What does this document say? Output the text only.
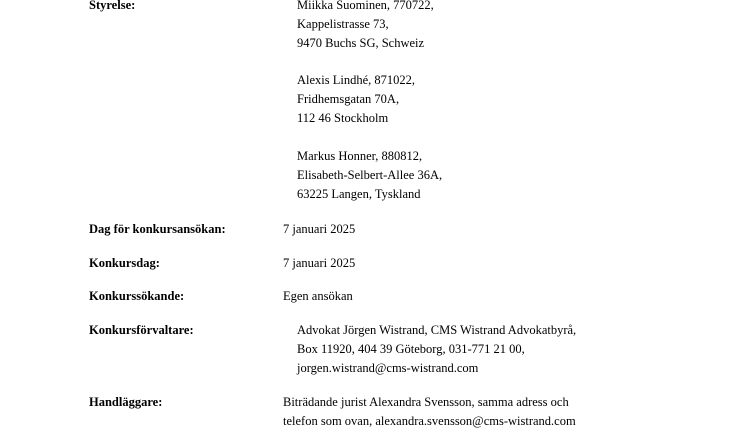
Styrelse:	Miikka Suominen, 770722,
Kappelistrasse 73,
9470 Buchs SG, Schweiz
Alexis Lindhé, 871022,
Fridhemsgatan 70A,
112 46 Stockholm
Markus Honner, 880812,
Elisabeth-Selbert-Allee 36A,
63225 Langen, Tyskland
Dag för konkursansökan:	7 januari 2025
Konkursdag:	7 januari 2025
Konkurssökande:	Egen ansökan
Konkursförvaltare:	Advokat Jörgen Wistrand, CMS Wistrand Advokatbyrå,
Box 11920, 404 39 Göteborg, 031-771 21 00,
jorgen.wistrand@cms-wistrand.com
Handläggare:	Biträdande jurist Alexandra Svensson, samma adress och
telefon som ovan, alexandra.svensson@cms-wistrand.com
